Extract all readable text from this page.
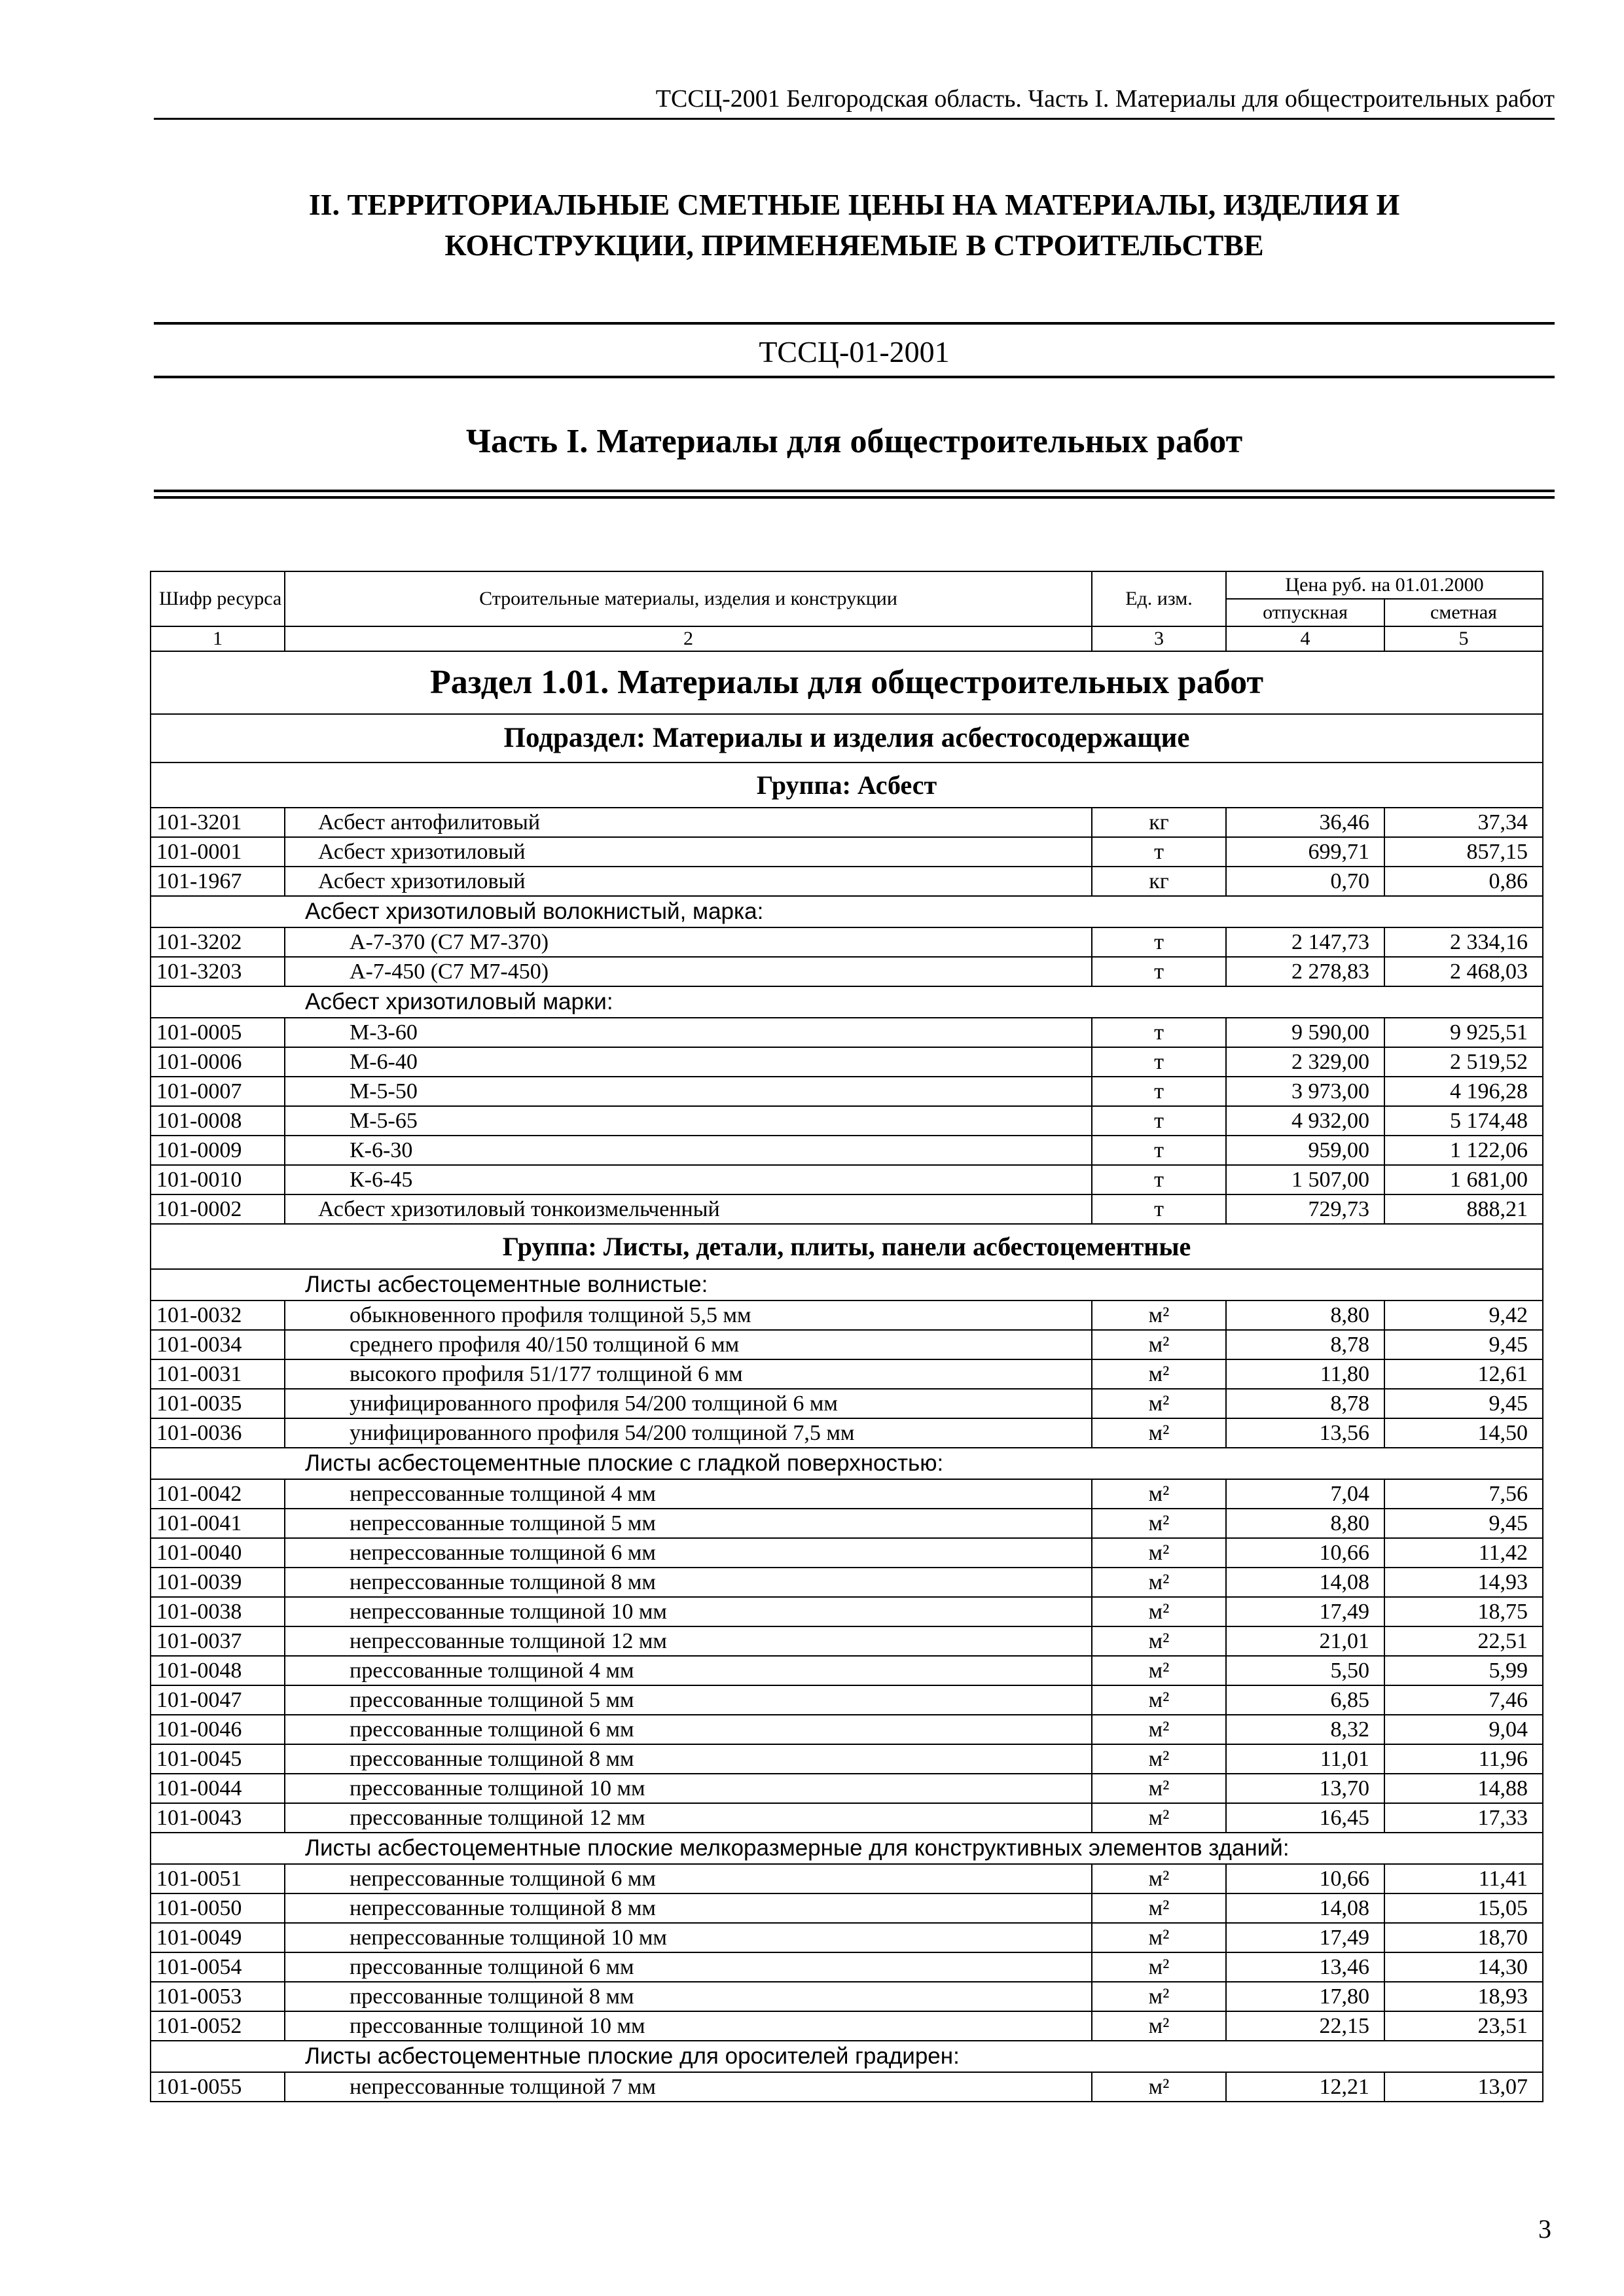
ТССЦ-2001 Белгородская область. Часть I. Материалы для общестроительных работ
II. ТЕРРИТОРИАЛЬНЫЕ СМЕТНЫЕ ЦЕНЫ НА МАТЕРИАЛЫ, ИЗДЕЛИЯ И
КОНСТРУКЦИИ, ПРИМЕНЯЕМЫЕ В СТРОИТЕЛЬСТВЕ
ТССЦ-01-2001
Часть I. Материалы для общестроительных работ
Шифр ресурса	Строительные материалы, изделия и конструкции	Ед. изм.	Цена руб. на 01.01.2000	
			отпускная	сметная
1	2	3	4	5
Раздел 1.01. Материалы для общестроительных работ				
Подраздел: Материалы и изделия асбестосодержащие				
Группа: Асбест				
101-3201	Асбест антофилитовый	кг	36,46	37,34
101-0001	Асбест хризотиловый	т	699,71	857,15
101-1967	Асбест хризотиловый	кг	0,70	0,86
Асбест хризотиловый волокнистый, марка:				
101-3202	А-7-370 (С7 М7-370)	т	2 147,73	2 334,16
101-3203	А-7-450 (С7 М7-450)	т	2 278,83	2 468,03
Асбест хризотиловый марки:				
101-0005	М-3-60	т	9 590,00	9 925,51
101-0006	М-6-40	т	2 329,00	2 519,52
101-0007	М-5-50	т	3 973,00	4 196,28
101-0008	М-5-65	т	4 932,00	5 174,48
101-0009	К-6-30	т	959,00	1 122,06
101-0010	К-6-45	т	1 507,00	1 681,00
101-0002	Асбест хризотиловый тонкоизмельченный	т	729,73	888,21
Группа: Листы, детали, плиты, панели асбестоцементные				
Листы асбестоцементные волнистые:				
101-0032	обыкновенного профиля толщиной 5,5 мм	м²	8,80	9,42
101-0034	среднего профиля 40/150 толщиной 6 мм	м²	8,78	9,45
101-0031	высокого профиля 51/177 толщиной 6 мм	м²	11,80	12,61
101-0035	унифицированного профиля 54/200 толщиной 6 мм	м²	8,78	9,45
101-0036	унифицированного профиля 54/200 толщиной 7,5 мм	м²	13,56	14,50
Листы асбестоцементные плоские с гладкой поверхностью:				
101-0042	непрессованные толщиной 4 мм	м²	7,04	7,56
101-0041	непрессованные толщиной 5 мм	м²	8,80	9,45
101-0040	непрессованные толщиной 6 мм	м²	10,66	11,42
101-0039	непрессованные толщиной 8 мм	м²	14,08	14,93
101-0038	непрессованные толщиной 10 мм	м²	17,49	18,75
101-0037	непрессованные толщиной 12 мм	м²	21,01	22,51
101-0048	прессованные толщиной 4 мм	м²	5,50	5,99
101-0047	прессованные толщиной 5 мм	м²	6,85	7,46
101-0046	прессованные толщиной 6 мм	м²	8,32	9,04
101-0045	прессованные толщиной 8 мм	м²	11,01	11,96
101-0044	прессованные толщиной 10 мм	м²	13,70	14,88
101-0043	прессованные толщиной 12 мм	м²	16,45	17,33
Листы асбестоцементные плоские мелкоразмерные для конструктивных элементов зданий:				
101-0051	непрессованные толщиной 6 мм	м²	10,66	11,41
101-0050	непрессованные толщиной 8 мм	м²	14,08	15,05
101-0049	непрессованные толщиной 10 мм	м²	17,49	18,70
101-0054	прессованные толщиной 6 мм	м²	13,46	14,30
101-0053	прессованные толщиной 8 мм	м²	17,80	18,93
101-0052	прессованные толщиной 10 мм	м²	22,15	23,51
Листы асбестоцементные плоские для оросителей градирен:				
101-0055	непрессованные толщиной 7 мм	м²	12,21	13,07
3
